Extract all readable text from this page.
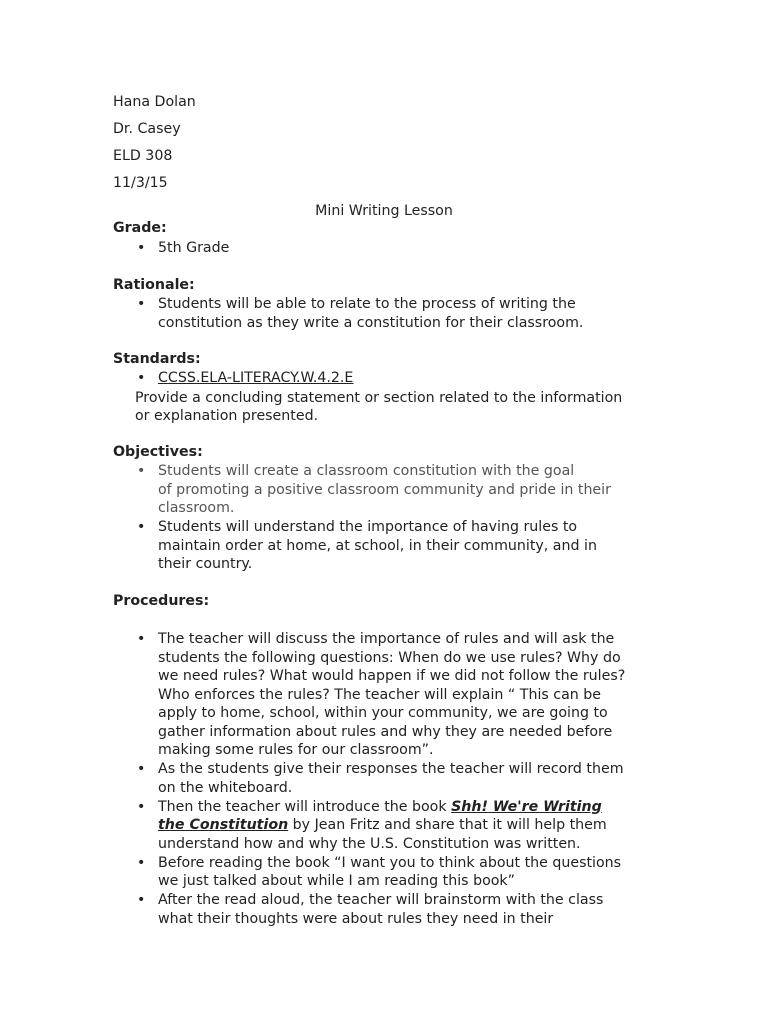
Hana Dolan
Dr. Casey
ELD 308
11/3/15
Mini Writing Lesson
Grade:
• 5th Grade
Rationale:
• Students will be able to relate to the process of writing the
constitution as they write a constitution for their classroom.
Standards:
• CCSS.ELA-LITERACY.W.4.2.E
Provide a concluding statement or section related to the information
or explanation presented.
Objectives:
• Students will create a classroom constitution with the goal
of promoting a positive classroom community and pride in their
classroom.
• Students will understand the importance of having rules to
maintain order at home, at school, in their community, and in
their country.
Procedures:
• The teacher will discuss the importance of rules and will ask the
students the following questions: When do we use rules? Why do
we need rules? What would happen if we did not follow the rules?
Who enforces the rules? The teacher will explain “ This can be
apply to home, school, within your community, we are going to
gather information about rules and why they are needed before
making some rules for our classroom”.
• As the students give their responses the teacher will record them
on the whiteboard.
• Then the teacher will introduce the book Shh! We're Writing
the Constitution by Jean Fritz and share that it will help them
understand how and why the U.S. Constitution was written.
• Before reading the book “I want you to think about the questions
we just talked about while I am reading this book”
• After the read aloud, the teacher will brainstorm with the class
what their thoughts were about rules they need in their
